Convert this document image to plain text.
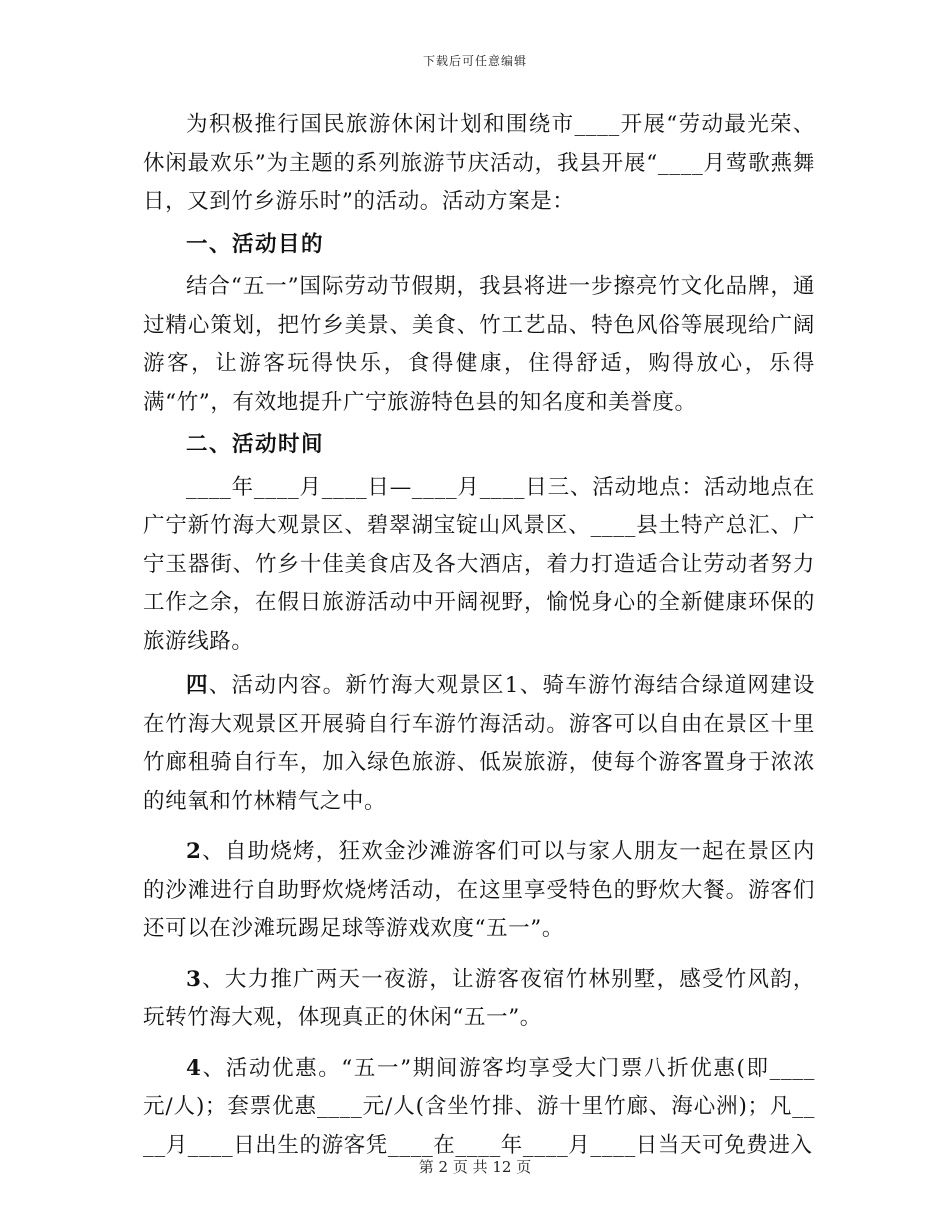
下载后可任意编辑

为积极推行国民旅游休闲计划和围绕市____开展“劳动最光荣、休闲最欢乐”为主题的系列旅游节庆活动，我县开展“____月莺歌燕舞日，又到竹乡游乐时”的活动。活动方案是：

一、活动目的

结合“五一”国际劳动节假期，我县将进一步擦亮竹文化品牌，通过精心策划，把竹乡美景、美食、竹工艺品、特色风俗等展现给广阔游客，让游客玩得快乐，食得健康，住得舒适，购得放心，乐得满“竹”，有效地提升广宁旅游特色县的知名度和美誉度。

二、活动时间

____年____月____日—____月____日三、活动地点：活动地点在广宁新竹海大观景区、碧翠湖宝锭山风景区、____县土特产总汇、广宁玉器街、竹乡十佳美食店及各大酒店，着力打造适合让劳动者努力工作之余，在假日旅游活动中开阔视野，愉悦身心的全新健康环保的旅游线路。

四、活动内容。新竹海大观景区1、骑车游竹海结合绿道网建设在竹海大观景区开展骑自行车游竹海活动。游客可以自由在景区十里竹廊租骑自行车，加入绿色旅游、低炭旅游，使每个游客置身于浓浓的纯氧和竹林精气之中。

2、自助烧烤，狂欢金沙滩游客们可以与家人朋友一起在景区内的沙滩进行自助野炊烧烤活动，在这里享受特色的野炊大餐。游客们还可以在沙滩玩踢足球等游戏欢度“五一”。

3、大力推广两天一夜游，让游客夜宿竹林别墅，感受竹风韵，玩转竹海大观，体现真正的休闲“五一”。

4、活动优惠。“五一”期间游客均享受大门票八折优惠(即____元/人)；套票优惠____元/人(含坐竹排、游十里竹廊、海心洲)；凡____月____日出生的游客凭____在____年____月____日当天可免费进入

第 2 页 共 12 页
